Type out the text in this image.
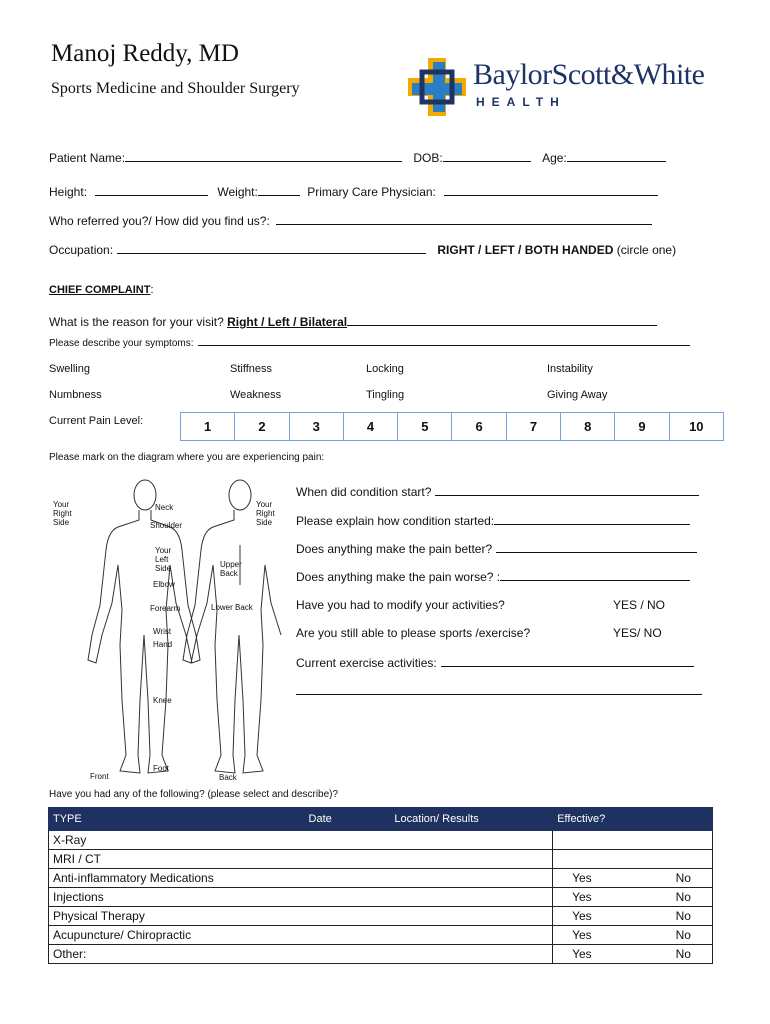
Manoj Reddy, MD
Sports Medicine and Shoulder Surgery	BaylorScott&White
HEALTH
Patient Name:	DOB:	Age:
Height:	Weight:	Primary Care Physician:
Who referred you?/ How did you find us?:
Occupation:	RIGHT / LEFT / BOTH HANDED (circle one)
CHIEF COMPLAINT:
What is the reason for your visit? Right / Left / Bilateral
Please describe your symptoms:
Swelling	Stiffness	Locking	Instability
Numbness	Weakness	Tingling	Giving Away
Current Pain Level:	1	2	3	4	5	6	7	8	9	10
Please mark on the diagram where you are experiencing pain:
Your Right Side
Neck
Shoulder
Your Left Side
Elbow
Forearm
Wrist
Hand
Knee
Foot
Front
Your Right Side
Upper Back
Lower Back
Back
When did condition start?
Please explain how condition started:
Does anything make the pain better?
Does anything make the pain worse? :
Have you had to modify your activities?	YES / NO
Are you still able to please sports /exercise?	YES/ NO
Current exercise activities:
Have you had any of the following? (please select and describe)?
TYPE	Date	Location/ Results	Effective?		
X-Ray					
MRI / CT					
Anti-inflammatory Medications			Yes		No
Injections			Yes		No
Physical Therapy			Yes		No
Acupuncture/ Chiropractic			Yes		No
Other:			Yes		No
